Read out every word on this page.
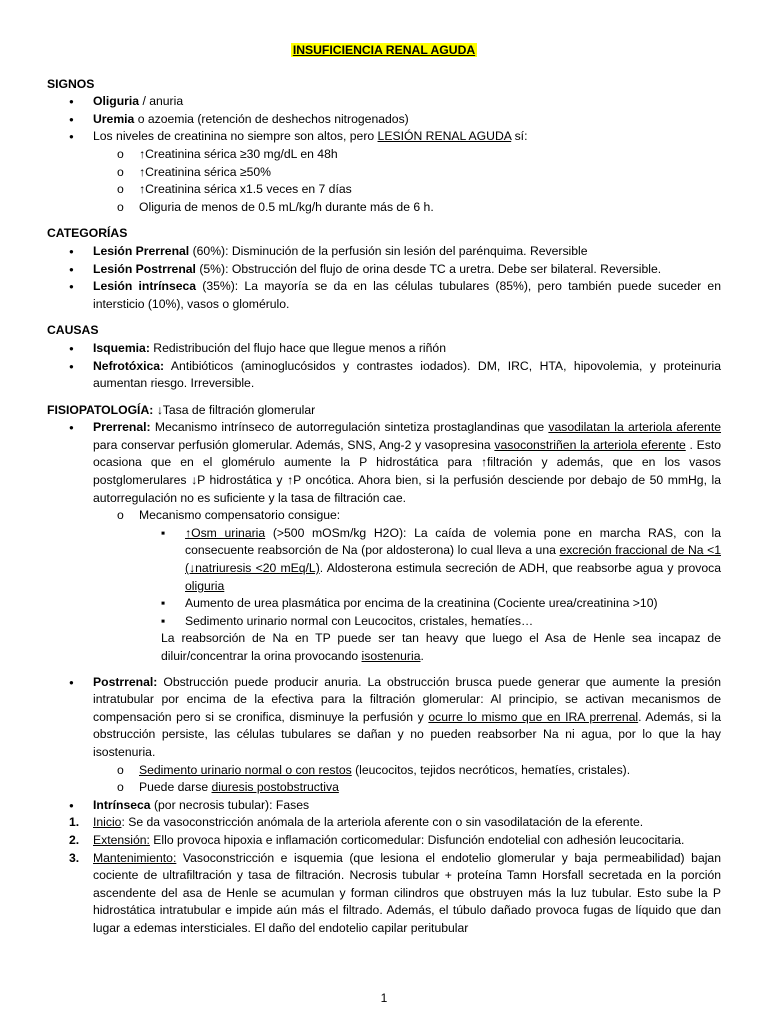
INSUFICIENCIA RENAL AGUDA

SIGNOS

● Oliguria / anuria
● Uremia o azoemia (retención de deshechos nitrogenados)
● Los niveles de creatinina no siempre son altos, pero LESIÓN RENAL AGUDA sí:
o ↑Creatinina sérica ≥30 mg/dL en 48h
o ↑Creatinina sérica ≥50%
o ↑Creatinina sérica x1.5 veces en 7 días
o Oliguria de menos de 0.5 mL/kg/h durante más de 6 h.

CATEGORÍAS

● Lesión Prerrenal (60%): Disminución de la perfusión sin lesión del parénquima. Reversible
● Lesión Postrrenal (5%): Obstrucción del flujo de orina desde TC a uretra. Debe ser bilateral. Reversible.
● Lesión intrínseca (35%): La mayoría se da en las células tubulares (85%), pero también puede suceder en intersticio (10%), vasos o glomérulo.

CAUSAS

● Isquemia: Redistribución del flujo hace que llegue menos a riñón
● Nefrotóxica: Antibióticos (aminoglucósidos y contrastes iodados). DM, IRC, HTA, hipovolemia, y proteinuria aumentan riesgo. Irreversible.

FISIOPATOLOGÍA: ↓Tasa de filtración glomerular

● Prerrenal: Mecanismo intrínseco de autorregulación sintetiza prostaglandinas que vasodilatan la arteriola aferente para conservar perfusión glomerular. Además, SNS, Ang-2 y vasopresina vasoconstriñen la arteriola eferente . Esto ocasiona que en el glomérulo aumente la P hidrostática para ↑filtración y además, que en los vasos postglomerulares ↓P hidrostática y ↑P oncótica. Ahora bien, si la perfusión desciende por debajo de 50 mmHg, la autorregulación no es suficiente y la tasa de filtración cae.
o Mecanismo compensatorio consigue:
▪ ↑Osm urinaria (>500 mOSm/kg H2O): La caída de volemia pone en marcha RAS, con la consecuente reabsorción de Na (por aldosterona) lo cual lleva a una excreción fraccional de Na <1 (↓natriuresis <20 mEq/L). Aldosterona estimula secreción de ADH, que reabsorbe agua y provoca oliguria
▪ Aumento de urea plasmática por encima de la creatinina (Cociente urea/creatinina >10)
▪ Sedimento urinario normal con Leucocitos, cristales, hematíes…
La reabsorción de Na en TP puede ser tan heavy que luego el Asa de Henle sea incapaz de diluir/concentrar la orina provocando isostenuria.
● Postrrenal: Obstrucción puede producir anuria. La obstrucción brusca puede generar que aumente la presión intratubular por encima de la efectiva para la filtración glomerular: Al principio, se activan mecanismos de compensación pero si se cronifica, disminuye la perfusión y ocurre lo mismo que en IRA prerrenal. Además, si la obstrucción persiste, las células tubulares se dañan y no pueden reabsorber Na ni agua, por lo que la hay isostenuria.
o Sedimento urinario normal o con restos (leucocitos, tejidos necróticos, hematíes, cristales).
o Puede darse diuresis postobstructiva
● Intrínseca (por necrosis tubular): Fases
1. Inicio: Se da vasoconstricción anómala de la arteriola aferente con o sin vasodilatación de la eferente.
2. Extensión: Ello provoca hipoxia e inflamación corticomedular: Disfunción endotelial con adhesión leucocitaria.
3. Mantenimiento: Vasoconstricción e isquemia (que lesiona el endotelio glomerular y baja permeabilidad) bajan cociente de ultrafiltración y tasa de filtración. Necrosis tubular + proteína Tamn Horsfall secretada en la porción ascendente del asa de Henle se acumulan y forman cilindros que obstruyen más la luz tubular. Esto sube la P hidrostática intratubular e impide aún más el filtrado. Además, el túbulo dañado provoca fugas de líquido que dan lugar a edemas intersticiales. El daño del endotelio capilar peritubular
1
